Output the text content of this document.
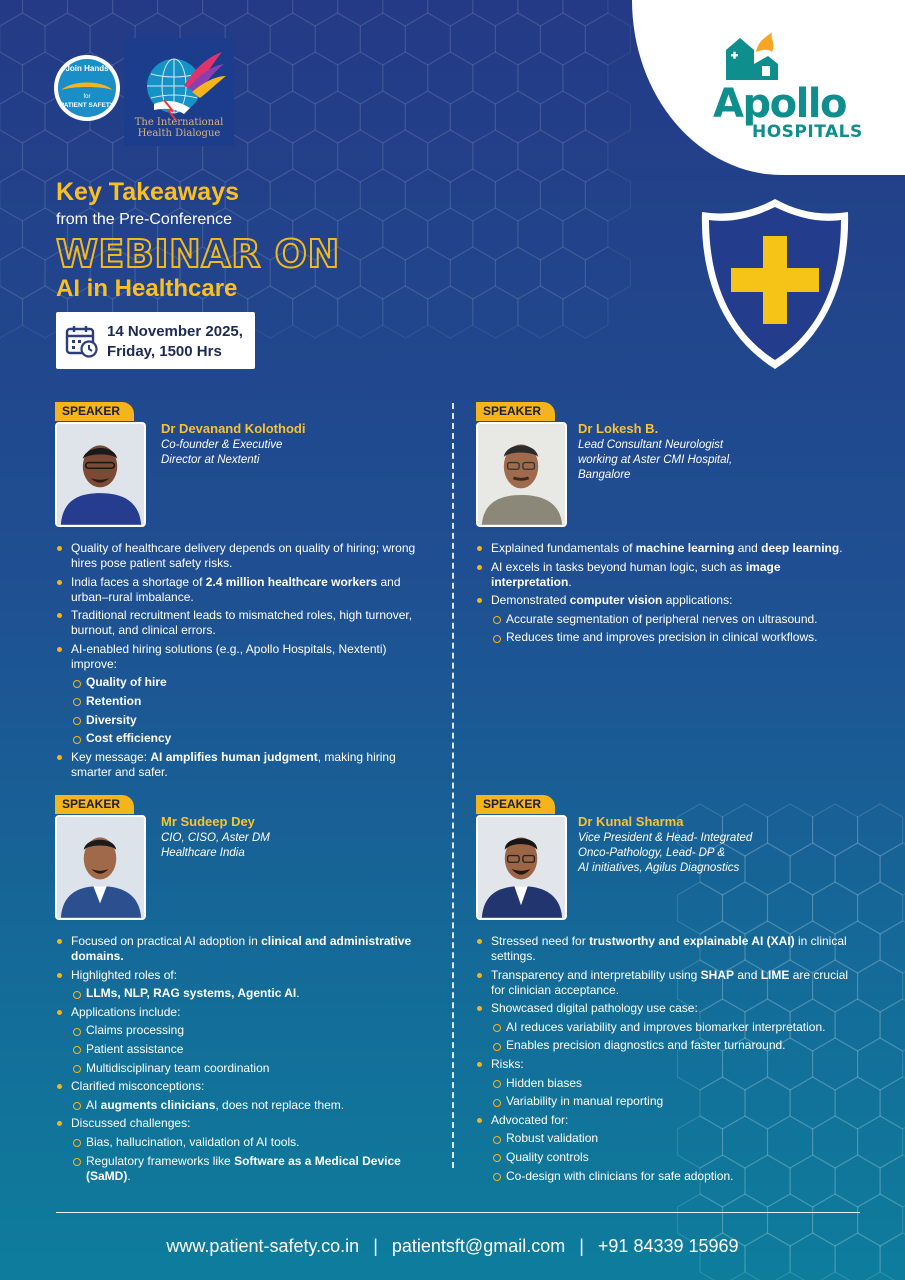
Apollo
HOSPITALS
Join Hands
for
PATIENT SAFETY
The International
Health Dialogue
Key Takeaways
from the Pre-Conference
WEBINAR ON
AI in Healthcare
14 November 2025,
Friday, 1500 Hrs
SPEAKER
Dr Devanand Kolothodi
Co-founder & Executive
Director at Nextenti
Quality of healthcare delivery depends on quality of hiring; wrong hires pose patient safety risks.
India faces a shortage of 2.4 million healthcare workers and urban–rural imbalance.
Traditional recruitment leads to mismatched roles, high turnover, burnout, and clinical errors.
AI-enabled hiring solutions (e.g., Apollo Hospitals, Nextenti) improve:
Quality of hire
Retention
Diversity
Cost efficiency
Key message: AI amplifies human judgment, making hiring smarter and safer.
SPEAKER
Dr Lokesh B.
Lead Consultant Neurologist
working at Aster CMI Hospital,
Bangalore
Explained fundamentals of machine learning and deep learning.
AI excels in tasks beyond human logic, such as image interpretation.
Demonstrated computer vision applications:
Accurate segmentation of peripheral nerves on ultrasound.
Reduces time and improves precision in clinical workflows.
SPEAKER
Mr Sudeep Dey
CIO, CISO, Aster DM
Healthcare India
Focused on practical AI adoption in clinical and administrative domains.
Highlighted roles of:
LLMs, NLP, RAG systems, Agentic AI.
Applications include:
Claims processing
Patient assistance
Multidisciplinary team coordination
Clarified misconceptions:
AI augments clinicians, does not replace them.
Discussed challenges:
Bias, hallucination, validation of AI tools.
Regulatory frameworks like Software as a Medical Device (SaMD).
SPEAKER
Dr Kunal Sharma
Vice President & Head- Integrated
Onco-Pathology, Lead- DP &
AI initiatives, Agilus Diagnostics
Stressed need for trustworthy and explainable AI (XAI) in clinical settings.
Transparency and interpretability using SHAP and LIME are crucial for clinician acceptance.
Showcased digital pathology use case:
AI reduces variability and improves biomarker interpretation.
Enables precision diagnostics and faster turnaround.
Risks:
Hidden biases
Variability in manual reporting
Advocated for:
Robust validation
Quality controls
Co-design with clinicians for safe adoption.
www.patient-safety.co.in | patientsft@gmail.com | +91 84339 15969
